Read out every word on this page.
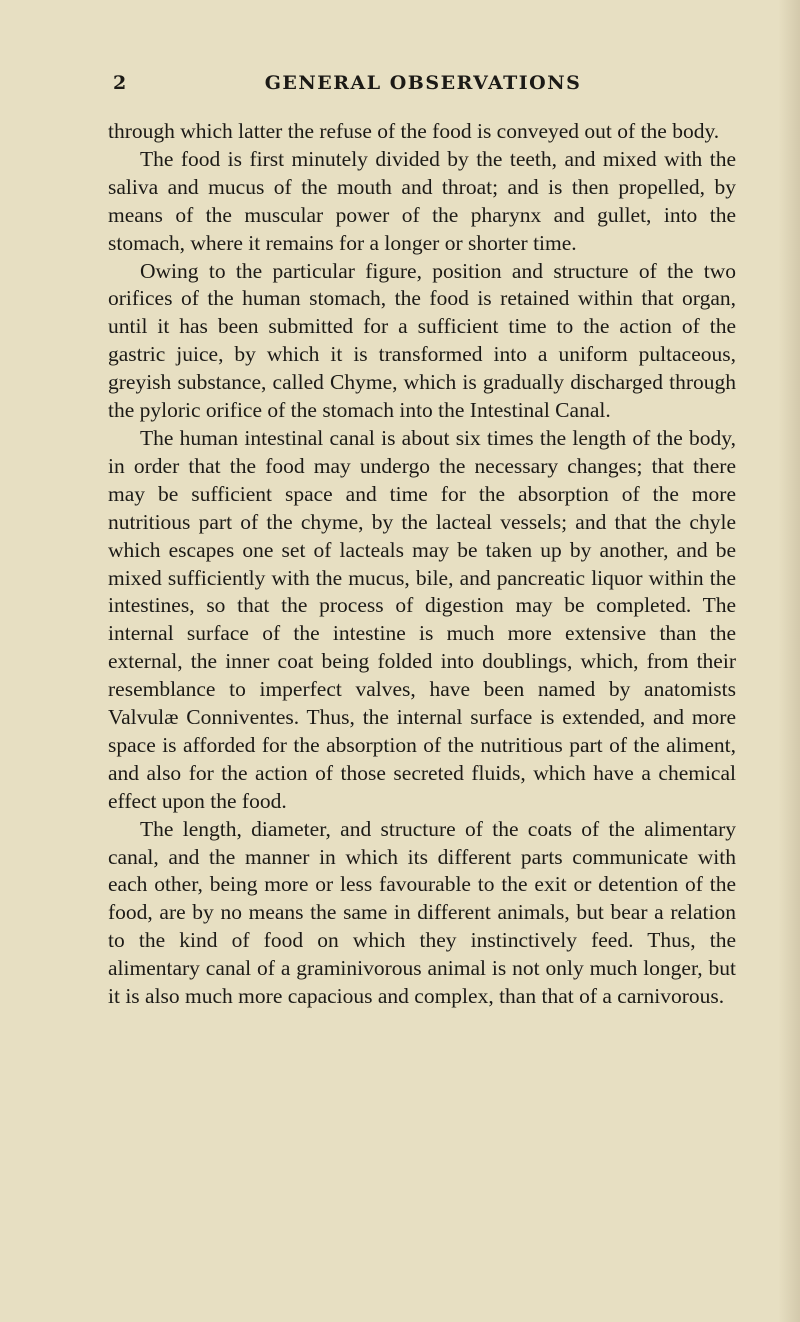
2	GENERAL OBSERVATIONS

through which latter the refuse of the food is conveyed out of the body.

The food is first minutely divided by the teeth, and mixed with the saliva and mucus of the mouth and throat; and is then propelled, by means of the muscular power of the pharynx and gullet, into the stomach, where it remains for a longer or shorter time.

Owing to the particular figure, position and structure of the two orifices of the human stomach, the food is retained within that organ, until it has been submitted for a sufficient time to the action of the gastric juice, by which it is transformed into a uniform pultaceous, greyish substance, called Chyme, which is gradually discharged through the pyloric orifice of the stomach into the Intestinal Canal.

The human intestinal canal is about six times the length of the body, in order that the food may undergo the necessary changes; that there may be sufficient space and time for the absorption of the more nutritious part of the chyme, by the lacteal vessels; and that the chyle which escapes one set of lacteals may be taken up by another, and be mixed sufficiently with the mucus, bile, and pancreatic liquor within the intestines, so that the process of digestion may be completed. The internal surface of the intestine is much more extensive than the external, the inner coat being folded into doublings, which, from their resemblance to imperfect valves, have been named by anatomists Valvulæ Conniventes. Thus, the internal surface is extended, and more space is afforded for the absorption of the nutritious part of the aliment, and also for the action of those secreted fluids, which have a chemical effect upon the food.

The length, diameter, and structure of the coats of the alimentary canal, and the manner in which its different parts communicate with each other, being more or less favourable to the exit or detention of the food, are by no means the same in different animals, but bear a relation to the kind of food on which they instinctively feed. Thus, the alimentary canal of a graminivorous animal is not only much longer, but it is also much more capacious and complex, than that of a carnivorous.
